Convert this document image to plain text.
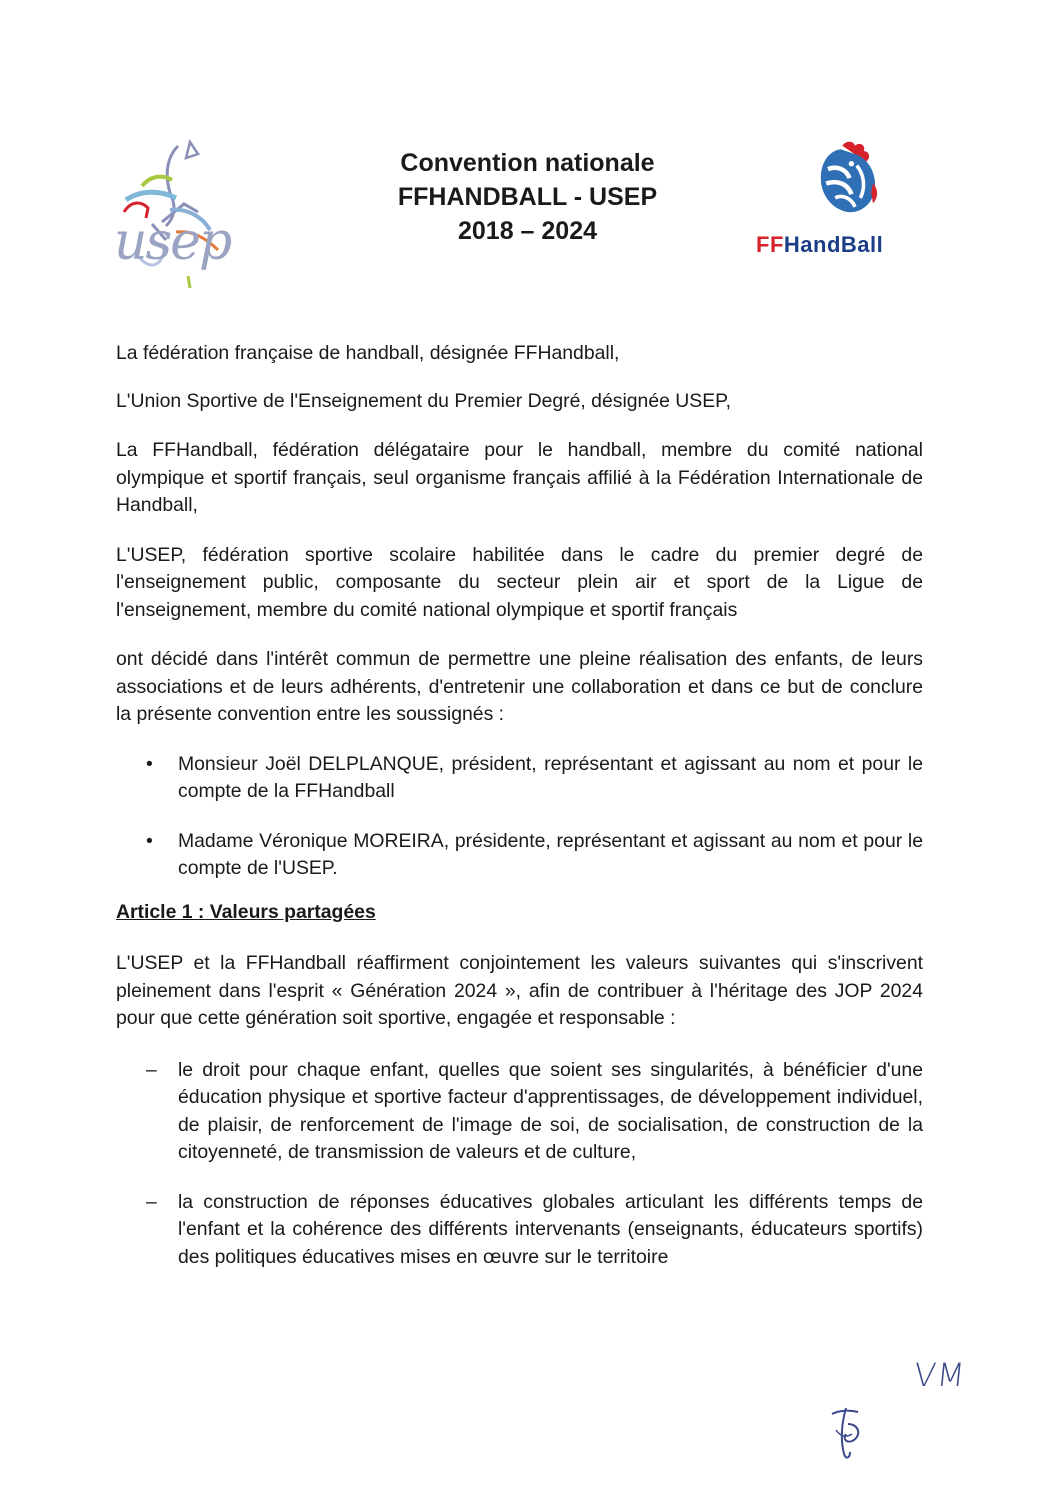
usep	FFHandBall
Convention nationale
FFHANDBALL - USEP
2018 – 2024

La fédération française de handball, désignée FFHandball,

L'Union Sportive de l'Enseignement du Premier Degré, désignée USEP,

La FFHandball, fédération délégataire pour le handball, membre du comité national olympique et sportif français, seul organisme français affilié à la Fédération Internationale de Handball,

L'USEP, fédération sportive scolaire habilitée dans le cadre du premier degré de l'enseignement public, composante du secteur plein air et sport de la Ligue de l'enseignement, membre du comité national olympique et sportif français

ont décidé dans l'intérêt commun de permettre une pleine réalisation des enfants, de leurs associations et de leurs adhérents, d'entretenir une collaboration et dans ce but de conclure la présente convention entre les soussignés :

• Monsieur Joël DELPLANQUE, président, représentant et agissant au nom et pour le compte de la FFHandball
• Madame Véronique MOREIRA, présidente, représentant et agissant au nom et pour le compte de l'USEP.

Article 1 : Valeurs partagées

L'USEP et la FFHandball réaffirment conjointement les valeurs suivantes qui s'inscrivent pleinement dans l'esprit « Génération 2024 », afin de contribuer à l'héritage des JOP 2024 pour que cette génération soit sportive, engagée et responsable :

– le droit pour chaque enfant, quelles que soient ses singularités, à bénéficier d'une éducation physique et sportive facteur d'apprentissages, de développement individuel, de plaisir, de renforcement de l'image de soi, de socialisation, de construction de la citoyenneté, de transmission de valeurs et de culture,
– la construction de réponses éducatives globales articulant les différents temps de l'enfant et la cohérence des différents intervenants (enseignants, éducateurs sportifs) des politiques éducatives mises en œuvre sur le territoire
VM
